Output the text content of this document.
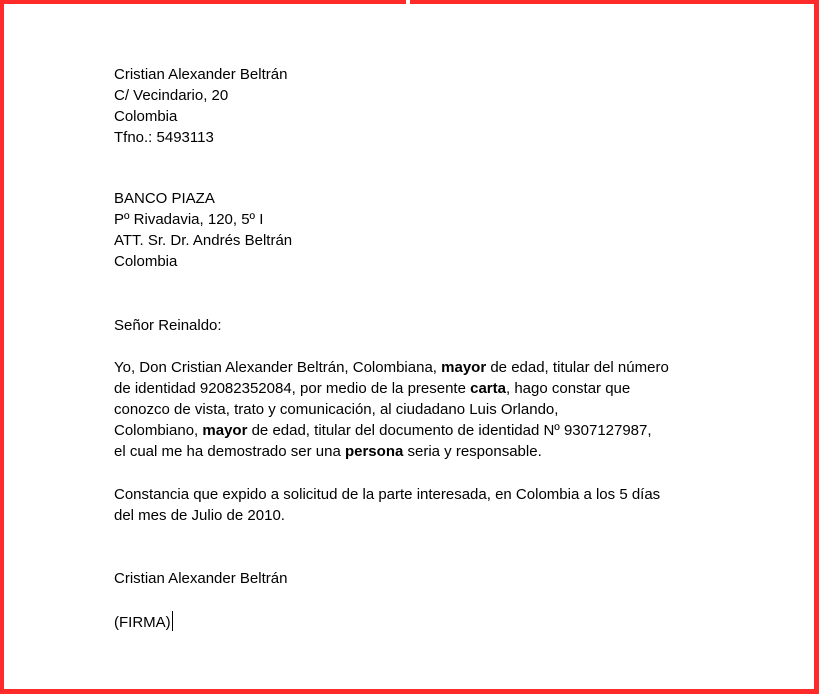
Cristian Alexander Beltrán
C/ Vecindario, 20
Colombia
Tfno.: 5493113
BANCO PIAZA
Pº Rivadavia, 120, 5º I
ATT. Sr. Dr. Andrés Beltrán
Colombia
Señor Reinaldo:
Yo, Don Cristian Alexander Beltrán, Colombiana, mayor de edad, titular del número
de identidad 92082352084, por medio de la presente carta, hago constar que
conozco de vista, trato y comunicación, al ciudadano Luis Orlando,
Colombiano, mayor de edad, titular del documento de identidad Nº 9307127987,
el cual me ha demostrado ser una persona seria y responsable.
Constancia que expido a solicitud de la parte interesada, en Colombia a los 5 días
del mes de Julio de 2010.
Cristian Alexander Beltrán
(FIRMA)
